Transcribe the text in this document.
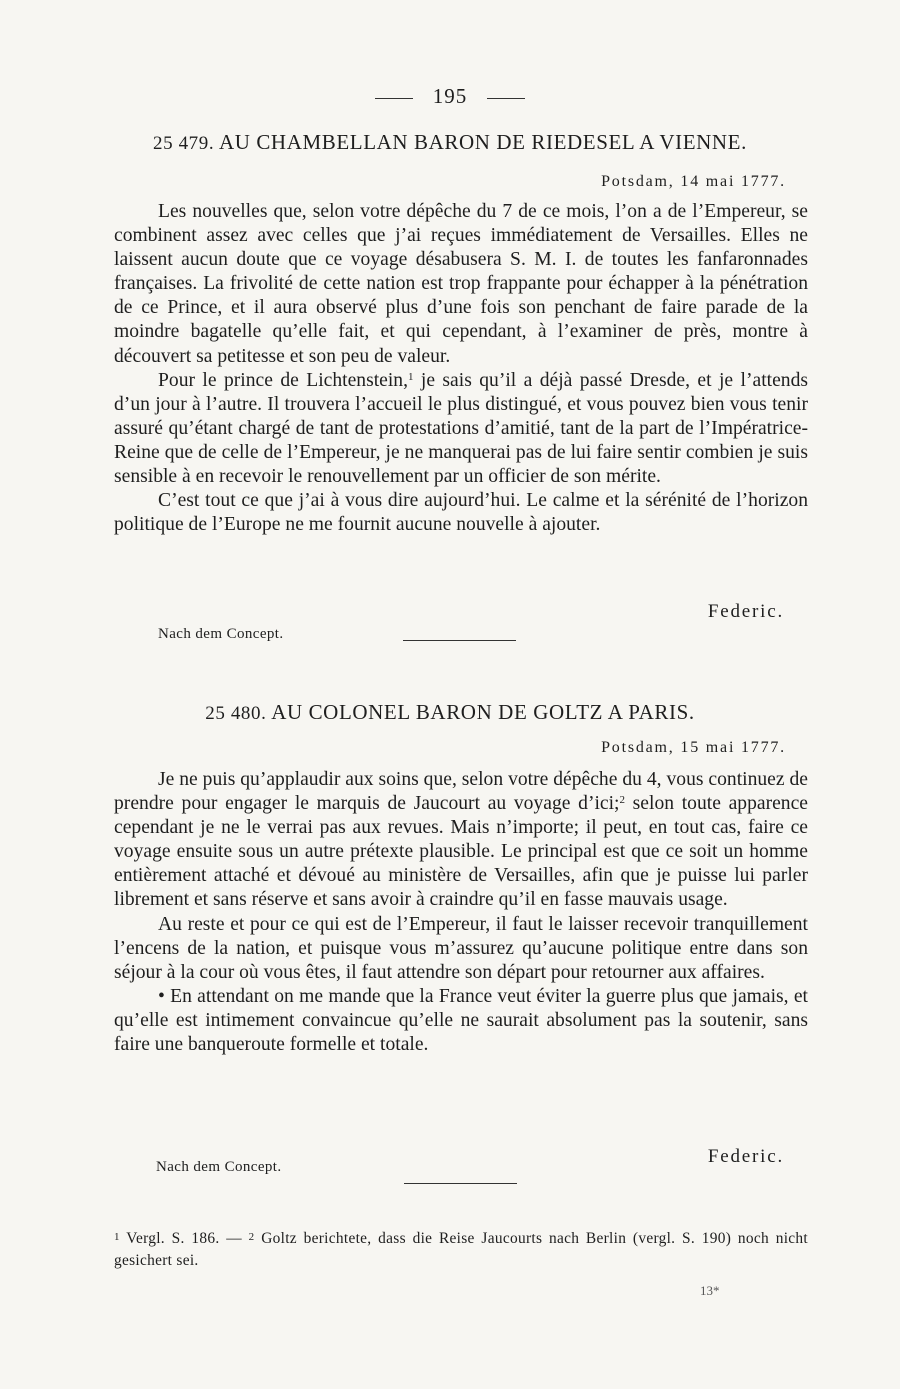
195
25 479. AU CHAMBELLAN BARON DE RIEDESEL A VIENNE.
Potsdam, 14 mai 1777.

Les nouvelles que, selon votre dépêche du 7 de ce mois, l’on a de l’Empereur, se combinent assez avec celles que j’ai reçues immédiatement de Versailles. Elles ne laissent aucun doute que ce voyage désabusera S. M. I. de toutes les fanfaronnades françaises. La frivolité de cette nation est trop frappante pour échapper à la pénétration de ce Prince, et il aura observé plus d’une fois son penchant de faire parade de la moindre bagatelle qu’elle fait, et qui cependant, à l’examiner de près, montre à découvert sa petitesse et son peu de valeur.

Pour le prince de Lichtenstein,$^1$ je sais qu’il a déjà passé Dresde, et je l’attends d’un jour à l’autre. Il trouvera l’accueil le plus distingué, et vous pouvez bien vous tenir assuré qu’étant chargé de tant de protestations d’amitié, tant de la part de l’Impératrice-Reine que de celle de l’Empereur, je ne manquerai pas de lui faire sentir combien je suis sensible à en recevoir le renouvellement par un officier de son mérite.

C’est tout ce que j’ai à vous dire aujourd’hui. Le calme et la sérénité de l’horizon politique de l’Europe ne me fournit aucune nouvelle à ajouter.

Federic.
Nach dem Concept.
25 480. AU COLONEL BARON DE GOLTZ A PARIS.
Potsdam, 15 mai 1777.

Je ne puis qu’applaudir aux soins que, selon votre dépêche du 4, vous continuez de prendre pour engager le marquis de Jaucourt au voyage d’ici;$^2$ selon toute apparence cependant je ne le verrai pas aux revues. Mais n’importe; il peut, en tout cas, faire ce voyage ensuite sous un autre prétexte plausible. Le principal est que ce soit un homme entièrement attaché et dévoué au ministère de Versailles, afin que je puisse lui parler librement et sans réserve et sans avoir à craindre qu’il en fasse mauvais usage.

Au reste et pour ce qui est de l’Empereur, il faut le laisser recevoir tranquillement l’encens de la nation, et puisque vous m’assurez qu’aucune politique entre dans son séjour à la cour où vous êtes, il faut attendre son départ pour retourner aux affaires.

• En attendant on me mande que la France veut éviter la guerre plus que jamais, et qu’elle est intimement convaincue qu’elle ne saurait absolument pas la soutenir, sans faire une banqueroute formelle et totale.

Federic.
Nach dem Concept.
1 Vergl. S. 186. — 2 Goltz berichtete, dass die Reise Jaucourts nach Berlin (vergl. S. 190) noch nicht gesichert sei.
13*
